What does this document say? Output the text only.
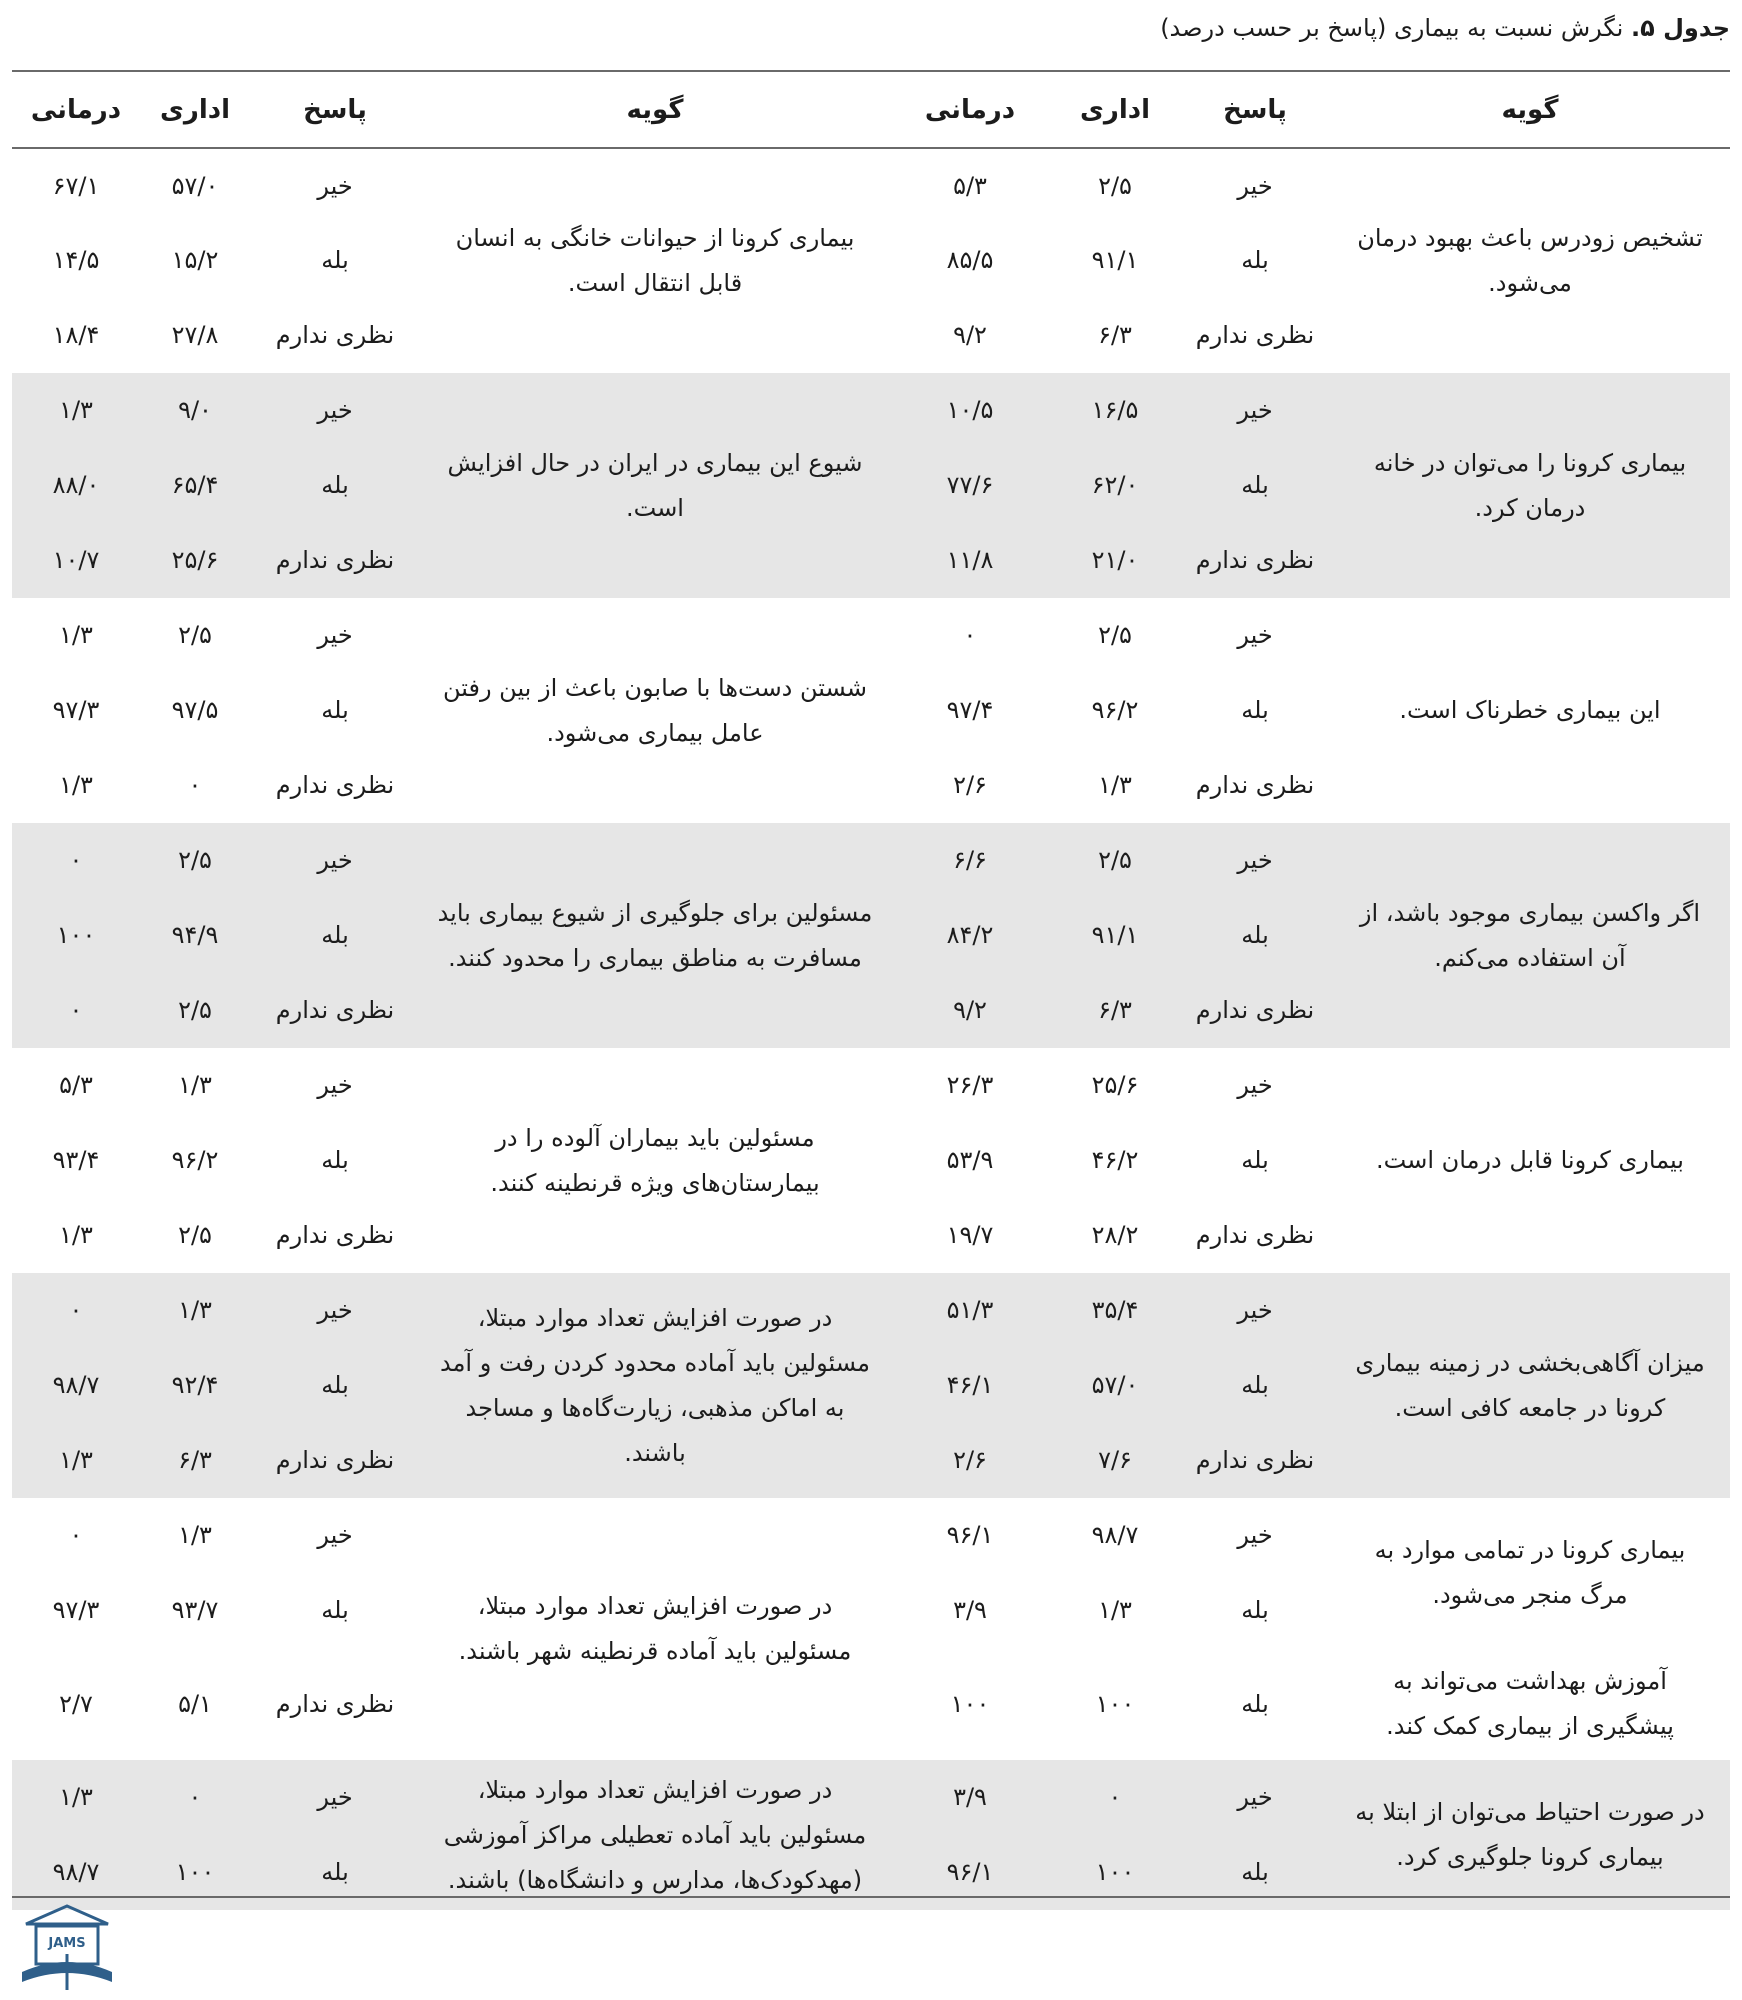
جدول ۵. نگرش نسبت به بیماری (پاسخ بر حسب درصد)
گویه	پاسخ	اداری	درمانی	گویه	پاسخ	اداری	درمانی
تشخیص زودرس باعث بهبود درمان می‌شود.	خیر	۲/۵	۵/۳	بیماری کرونا از حیوانات خانگی به انسان قابل انتقال است.	خیر	۵۷/۰	۶۷/۱
	بله	۹۱/۱	۸۵/۵		بله	۱۵/۲	۱۴/۵
	نظری ندارم	۶/۳	۹/۲		نظری ندارم	۲۷/۸	۱۸/۴
بیماری کرونا را می‌توان در خانه درمان کرد.	خیر	۱۶/۵	۱۰/۵	شیوع این بیماری در ایران در حال افزایش است.	خیر	۹/۰	۱/۳
	بله	۶۲/۰	۷۷/۶		بله	۶۵/۴	۸۸/۰
	نظری ندارم	۲۱/۰	۱۱/۸		نظری ندارم	۲۵/۶	۱۰/۷
این بیماری خطرناک است.	خیر	۲/۵	۰	شستن دست‌ها با صابون باعث از بین رفتن عامل بیماری می‌شود.	خیر	۲/۵	۱/۳
	بله	۹۶/۲	۹۷/۴		بله	۹۷/۵	۹۷/۳
	نظری ندارم	۱/۳	۲/۶		نظری ندارم	۰	۱/۳
اگر واکسن بیماری موجود باشد، از آن استفاده می‌کنم.	خیر	۲/۵	۶/۶	مسئولین برای جلوگیری از شیوع بیماری باید مسافرت به مناطق بیماری را محدود کنند.	خیر	۲/۵	۰
	بله	۹۱/۱	۸۴/۲		بله	۹۴/۹	۱۰۰
	نظری ندارم	۶/۳	۹/۲		نظری ندارم	۲/۵	۰
بیماری کرونا قابل درمان است.	خیر	۲۵/۶	۲۶/۳	مسئولین باید بیماران آلوده را در بیمارستان‌های ویژه قرنطینه کنند.	خیر	۱/۳	۵/۳
	بله	۴۶/۲	۵۳/۹		بله	۹۶/۲	۹۳/۴
	نظری ندارم	۲۸/۲	۱۹/۷		نظری ندارم	۲/۵	۱/۳
میزان آگاهی‌بخشی در زمینه بیماری کرونا در جامعه کافی است.	خیر	۳۵/۴	۵۱/۳	در صورت افزایش تعداد موارد مبتلا، مسئولین باید آماده محدود کردن رفت و آمد به اماکن مذهبی، زیارت‌گاه‌ها و مساجد باشند.	خیر	۱/۳	۰
	بله	۵۷/۰	۴۶/۱		بله	۹۲/۴	۹۸/۷
	نظری ندارم	۷/۶	۲/۶		نظری ندارم	۶/۳	۱/۳
بیماری کرونا در تمامی موارد به مرگ منجر می‌شود.	خیر	۹۸/۷	۹۶/۱	در صورت افزایش تعداد موارد مبتلا، مسئولین باید آماده قرنطینه شهر باشند.	خیر	۱/۳	۰
	بله	۱/۳	۳/۹		بله	۹۳/۷	۹۷/۳
آموزش بهداشت می‌تواند به پیشگیری از بیماری کمک کند.	بله	۱۰۰	۱۰۰		نظری ندارم	۵/۱	۲/۷
در صورت احتیاط می‌توان از ابتلا به بیماری کرونا جلوگیری کرد.	خیر	۰	۳/۹	در صورت افزایش تعداد موارد مبتلا، مسئولین باید آماده تعطیلی مراکز آموزشی (مهدکودک‌ها، مدارس و دانشگاه‌ها) باشند.	خیر	۰	۱/۳
	بله	۱۰۰	۹۶/۱		بله	۱۰۰	۹۸/۷
JAMS
